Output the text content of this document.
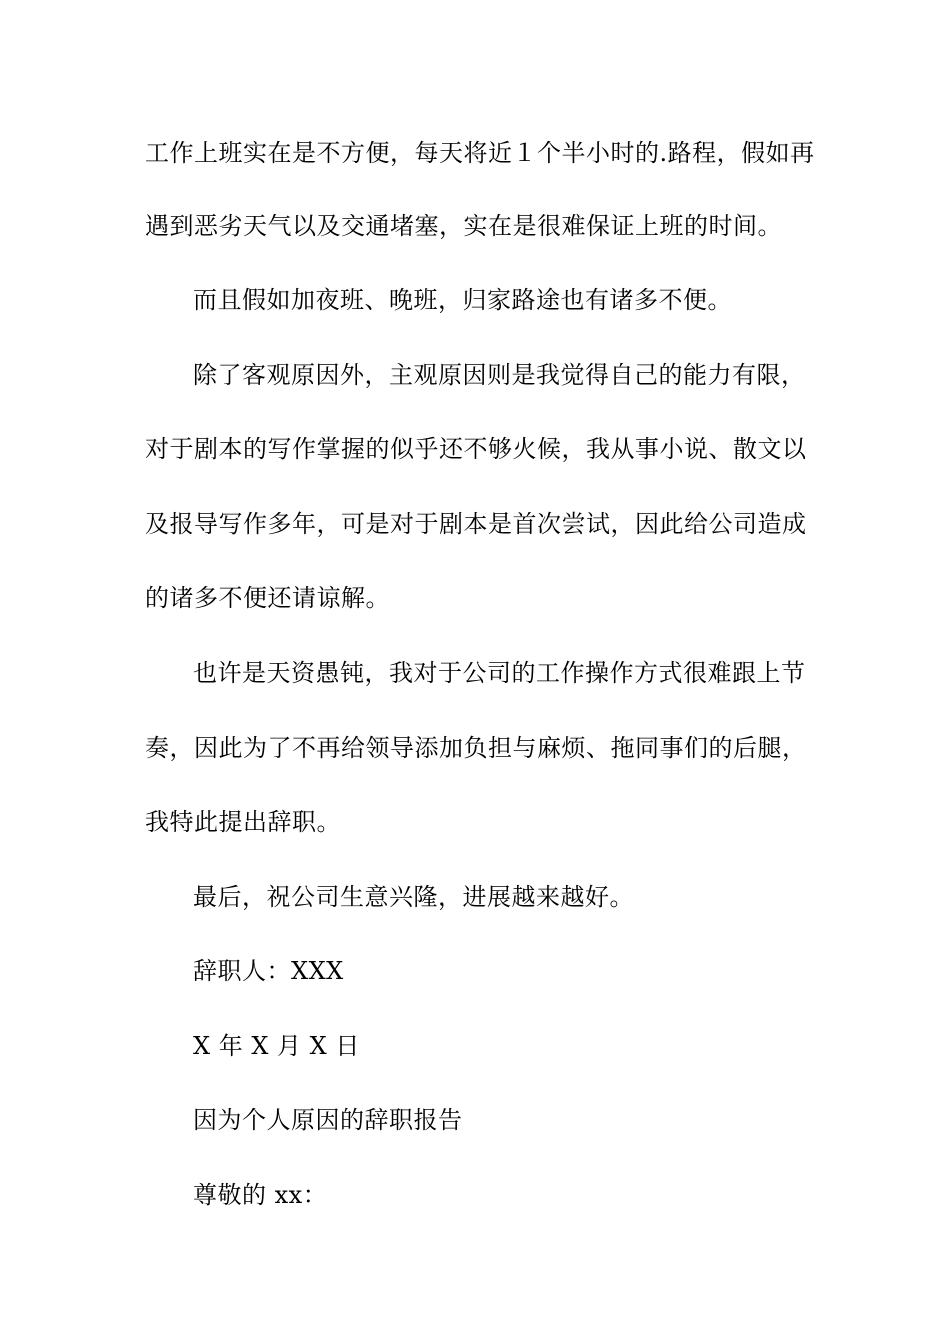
工作上班实在是不方便，每天将近１个半小时的.路程，假如再
遇到恶劣天气以及交通堵塞，实在是很难保证上班的时间。
而且假如加夜班、晚班，归家路途也有诸多不便。
除了客观原因外，主观原因则是我觉得自己的能力有限，
对于剧本的写作掌握的似乎还不够火候，我从事小说、散文以
及报导写作多年，可是对于剧本是首次尝试，因此给公司造成
的诸多不便还请谅解。
也许是天资愚钝，我对于公司的工作操作方式很难跟上节
奏，因此为了不再给领导添加负担与麻烦、拖同事们的后腿，
我特此提出辞职。
最后，祝公司生意兴隆，进展越来越好。
辞职人：XXX
X 年 X 月 X 日
因为个人原因的辞职报告
尊敬的 xx：
